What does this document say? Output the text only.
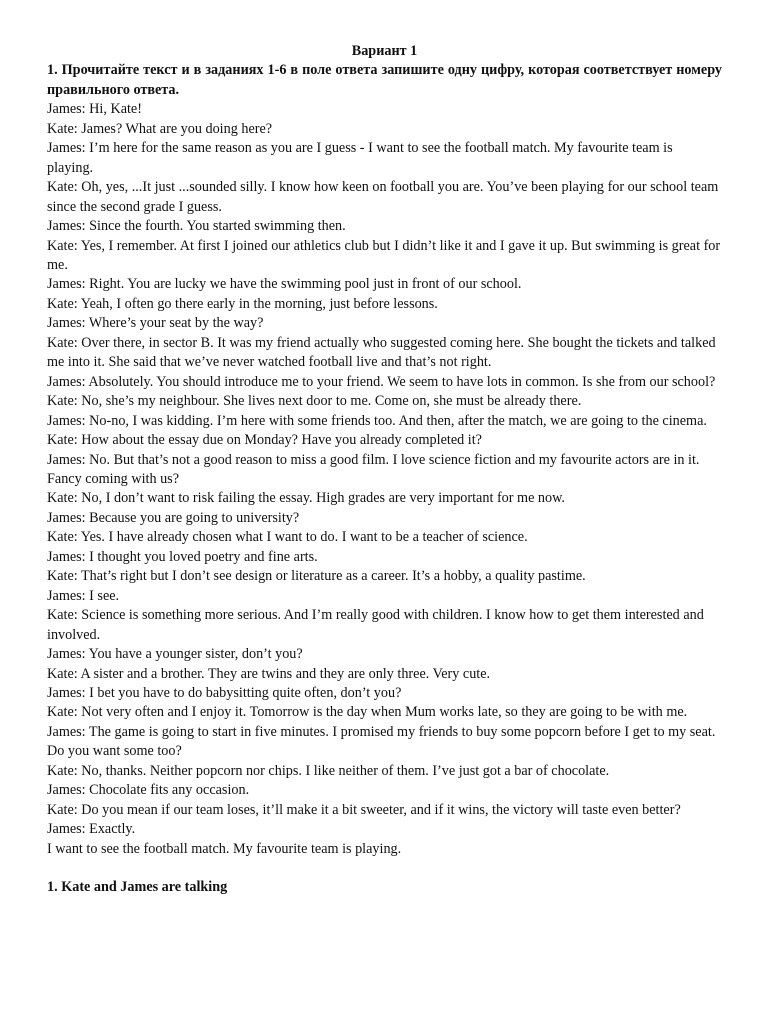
Вариант 1

1. Прочитайте текст и в заданиях 1-6 в поле ответа запишите одну цифру, которая соответствует номеру правильного ответа.

James: Hi, Kate!

Kate: James? What are you doing here?

James: I’m here for the same reason as you are I guess - I want to see the football match. My favourite team is playing.

Kate: Oh, yes, ...It just ...sounded silly. I know how keen on football you are. You’ve been playing for our school team since the second grade I guess.

James: Since the fourth. You started swimming then.

Kate: Yes, I remember. At first I joined our athletics club but I didn’t like it and I gave it up. But swimming is great for me.

James: Right. You are lucky we have the swimming pool just in front of our school.

Kate: Yeah, I often go there early in the morning, just before lessons.

James: Where’s your seat by the way?

Kate: Over there, in sector B. It was my friend actually who suggested coming here. She bought the tickets and talked me into it. She said that we’ve never watched football live and that’s not right.

James: Absolutely. You should introduce me to your friend. We seem to have lots in common. Is she from our school?

Kate: No, she’s my neighbour. She lives next door to me. Come on, she must be already there.

James: No-no, I was kidding. I’m here with some friends too. And then, after the match, we are going to the cinema.

Kate: How about the essay due on Monday? Have you already completed it?

James: No. But that’s not a good reason to miss a good film. I love science fiction and my favourite actors are in it. Fancy coming with us?

Kate: No, I don’t want to risk failing the essay. High grades are very important for me now.

James: Because you are going to university?

Kate: Yes. I have already chosen what I want to do. I want to be a teacher of science.

James: I thought you loved poetry and fine arts.

Kate: That’s right but I don’t see design or literature as a career. It’s a hobby, a quality pastime.

James: I see.

Kate: Science is something more serious. And I’m really good with children. I know how to get them interested and involved.

James: You have a younger sister, don’t you?

Kate: A sister and a brother. They are twins and they are only three. Very cute.

James: I bet you have to do babysitting quite often, don’t you?

Kate: Not very often and I enjoy it. Tomorrow is the day when Mum works late, so they are going to be with me.

James: The game is going to start in five minutes. I promised my friends to buy some popcorn before I get to my seat. Do you want some too?

Kate: No, thanks. Neither popcorn nor chips. I like neither of them. I’ve just got a bar of chocolate.

James: Chocolate fits any occasion.

Kate: Do you mean if our team loses, it’ll make it a bit sweeter, and if it wins, the victory will taste even better?

James: Exactly.

I want to see the football match. My favourite team is playing.

1. Kate and James are talking
